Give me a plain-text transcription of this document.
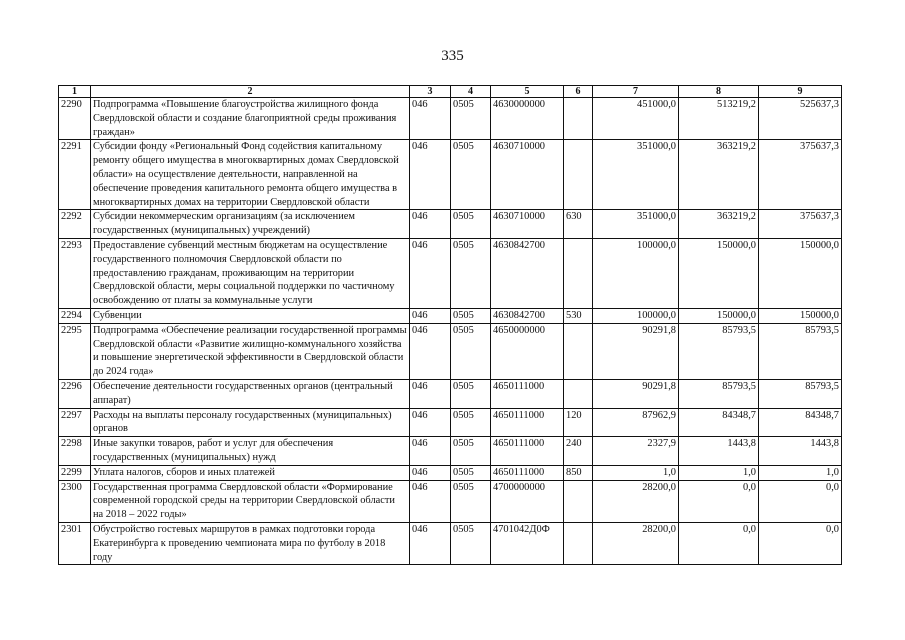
335
1	2	3	4	5	6	7	8	9
2290	Подпрограмма «Повышение благоустройства жилищного фонда Свердловской области и создание благоприятной среды проживания граждан»	046	0505	4630000000		451000,0	513219,2	525637,3
2291	Субсидии фонду «Региональный Фонд содействия капитальному ремонту общего имущества в многоквартирных домах Свердловской области» на осуществление деятельности, направленной на обеспечение проведения капитального ремонта общего имущества в многоквартирных домах на территории Свердловской области	046	0505	4630710000		351000,0	363219,2	375637,3
2292	Субсидии некоммерческим организациям (за исключением государственных (муниципальных) учреждений)	046	0505	4630710000	630	351000,0	363219,2	375637,3
2293	Предоставление субвенций местным бюджетам на осуществление государственного полномочия Свердловской области по предоставлению гражданам, проживающим на территории Свердловской области, меры социальной поддержки по частичному освобождению от платы за коммунальные услуги	046	0505	4630842700		100000,0	150000,0	150000,0
2294	Субвенции	046	0505	4630842700	530	100000,0	150000,0	150000,0
2295	Подпрограмма «Обеспечение реализации государственной программы Свердловской области «Развитие жилищно-коммунального хозяйства и повышение энергетической эффективности в Свердловской области до 2024 года»	046	0505	4650000000		90291,8	85793,5	85793,5
2296	Обеспечение деятельности государственных органов (центральный аппарат)	046	0505	4650111000		90291,8	85793,5	85793,5
2297	Расходы на выплаты персоналу государственных (муниципальных) органов	046	0505	4650111000	120	87962,9	84348,7	84348,7
2298	Иные закупки товаров, работ и услуг для обеспечения государственных (муниципальных) нужд	046	0505	4650111000	240	2327,9	1443,8	1443,8
2299	Уплата налогов, сборов и иных платежей	046	0505	4650111000	850	1,0	1,0	1,0
2300	Государственная программа Свердловской области «Формирование современной городской среды на территории Свердловской области на 2018 – 2022 годы»	046	0505	4700000000		28200,0	0,0	0,0
2301	Обустройство гостевых маршрутов в рамках подготовки города Екатеринбурга к проведению чемпионата мира по футболу в 2018 году	046	0505	4701042Д0Ф		28200,0	0,0	0,0
